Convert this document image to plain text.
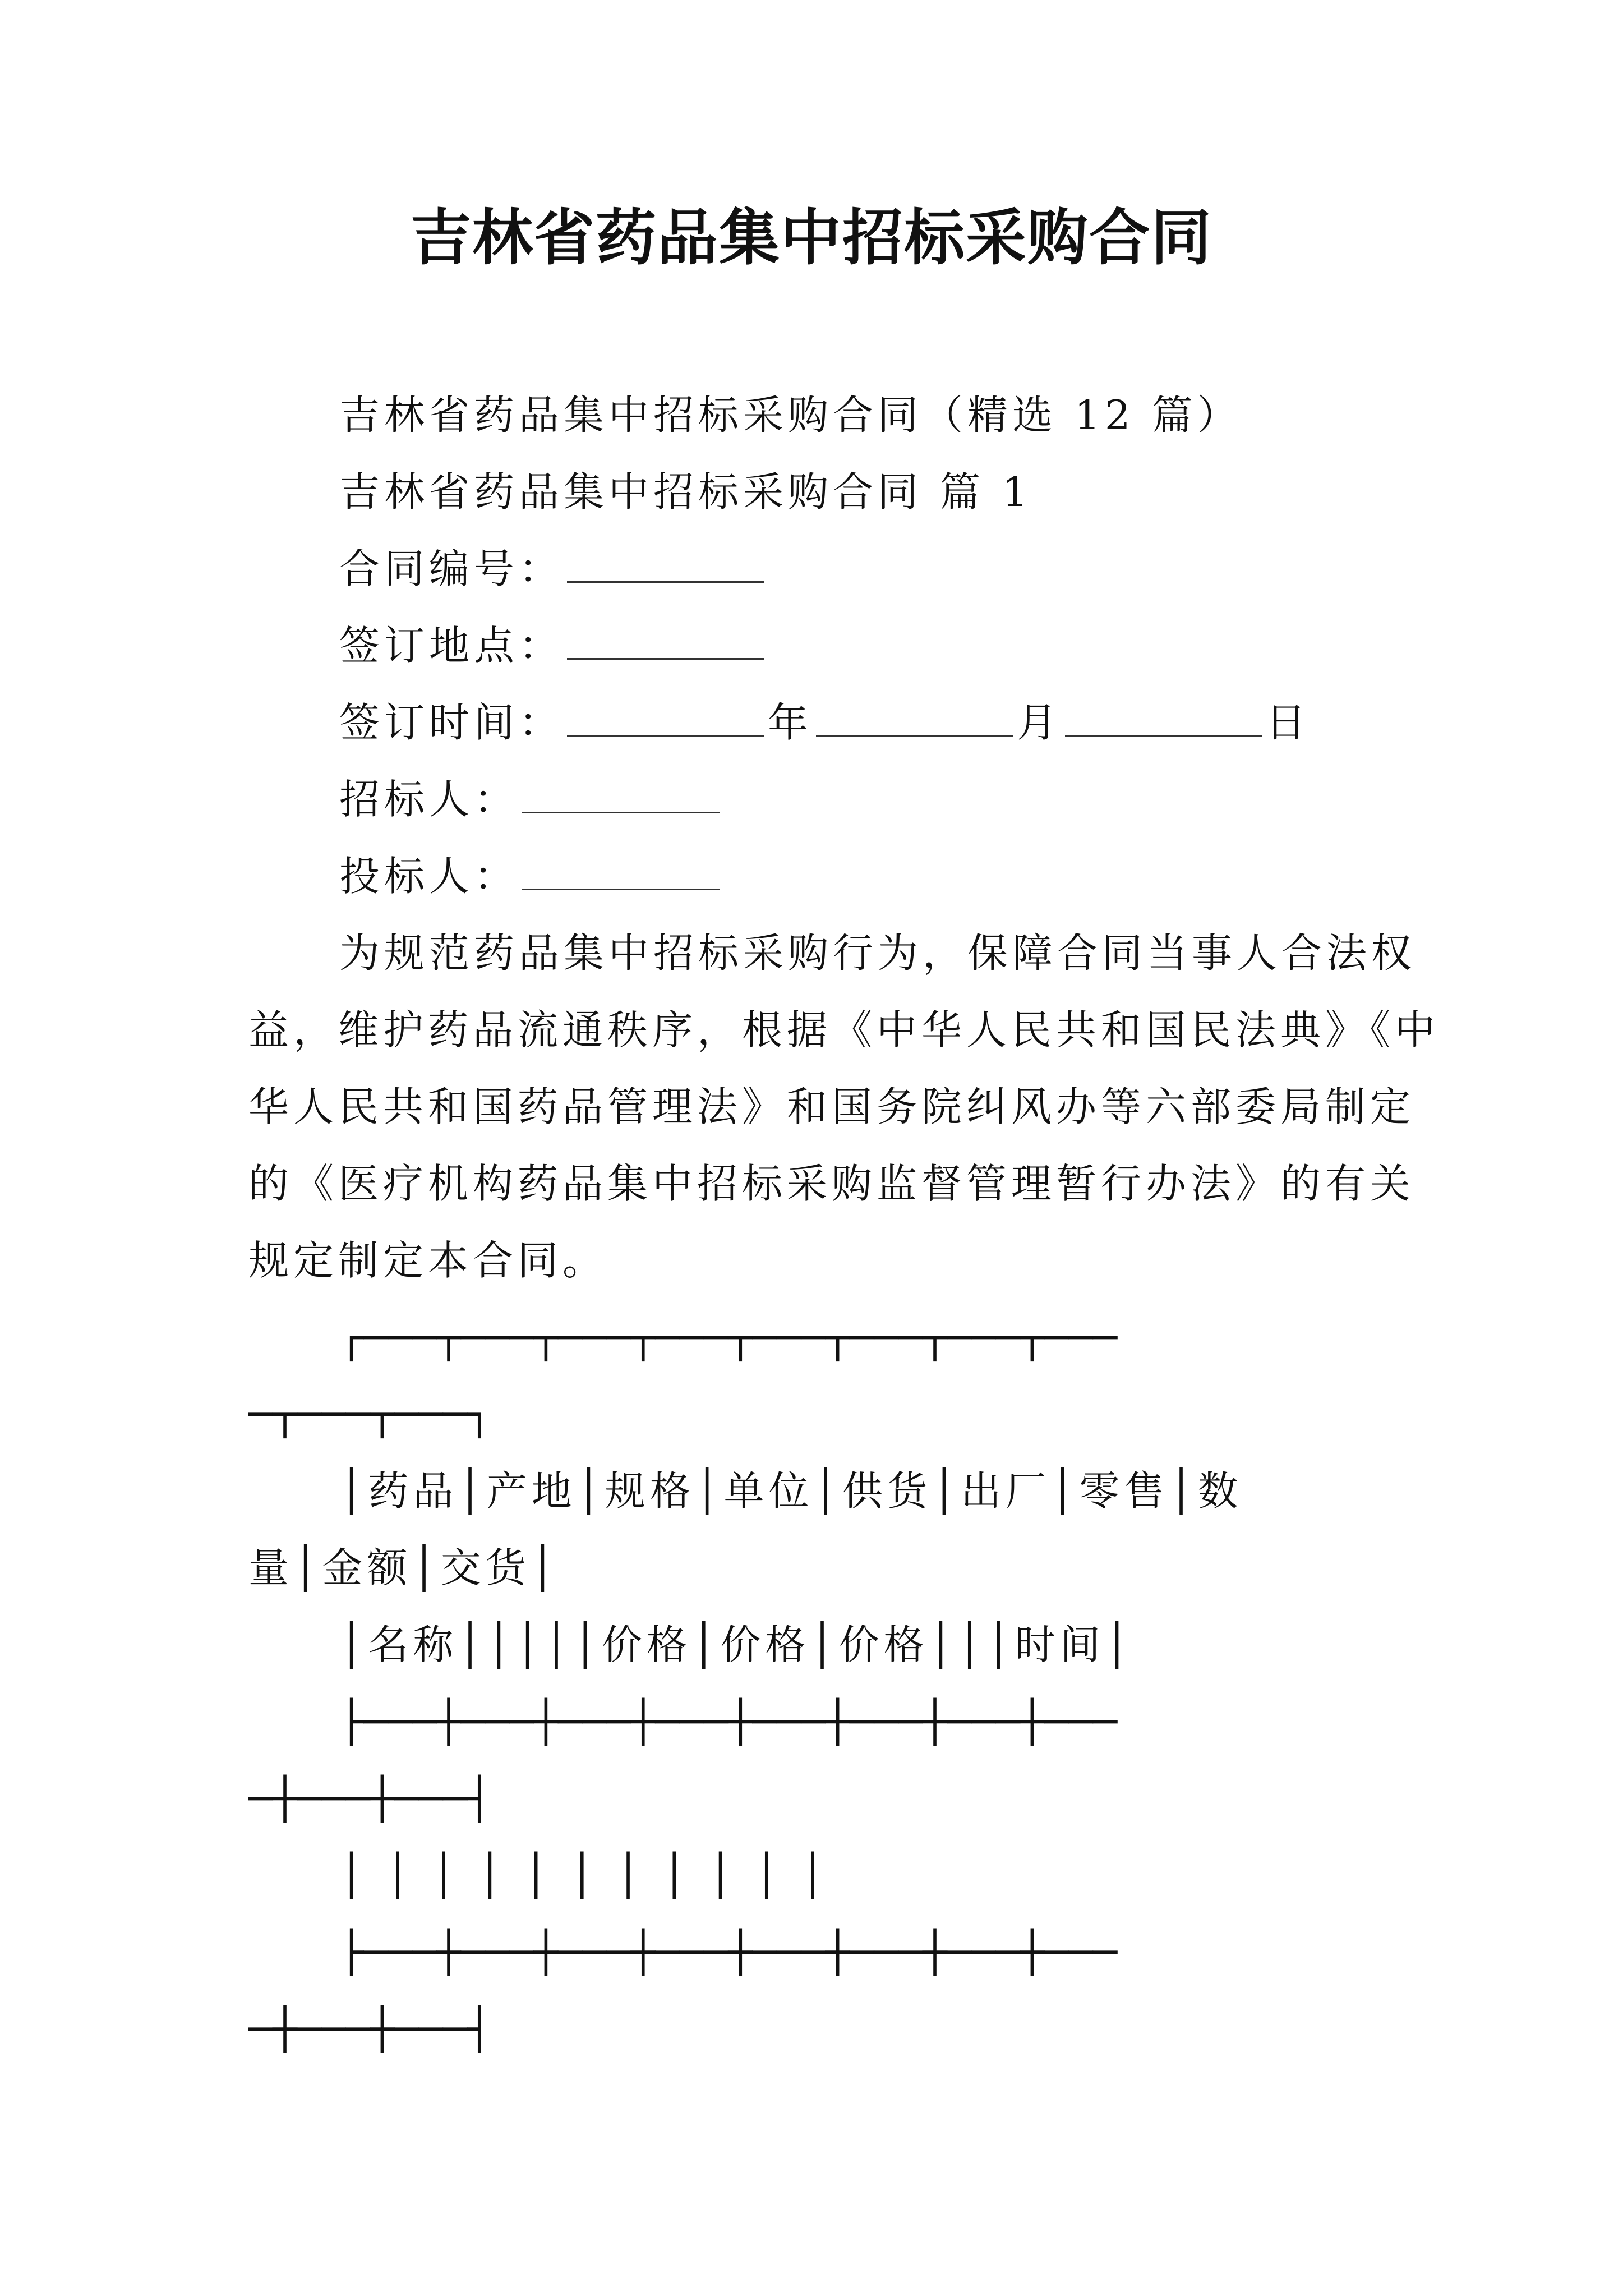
吉林省药品集中招标采购合同
吉林省药品集中招标采购合同（精选 12 篇）
吉林省药品集中招标采购合同 篇 1
合同编号：
签订地点：
签订时间：	年	月	日
招标人：
投标人：
为规范药品集中招标采购行为，保障合同当事人合法权
益，维护药品流通秩序，根据《中华人民共和国民法典》《中
华人民共和国药品管理法》和国务院纠风办等六部委局制定
的《医疗机构药品集中招标采购监督管理暂行办法》的有关
规定制定本合同。
┌───┬───┬───┬───┬───┬───┬───┬───
─┬───┬───┐
│药品│产地│规格│单位│供货│出厂│零售│数
量│金额│交货│
│名称│││││价格│价格│价格│││时间│
├───┼───┼───┼───┼───┼───┼───┼───
─┼───┼───┤
│ │ │ │ │ │ │ │ │ │ │
├───┼───┼───┼───┼───┼───┼───┼───
─┼───┼───┤
